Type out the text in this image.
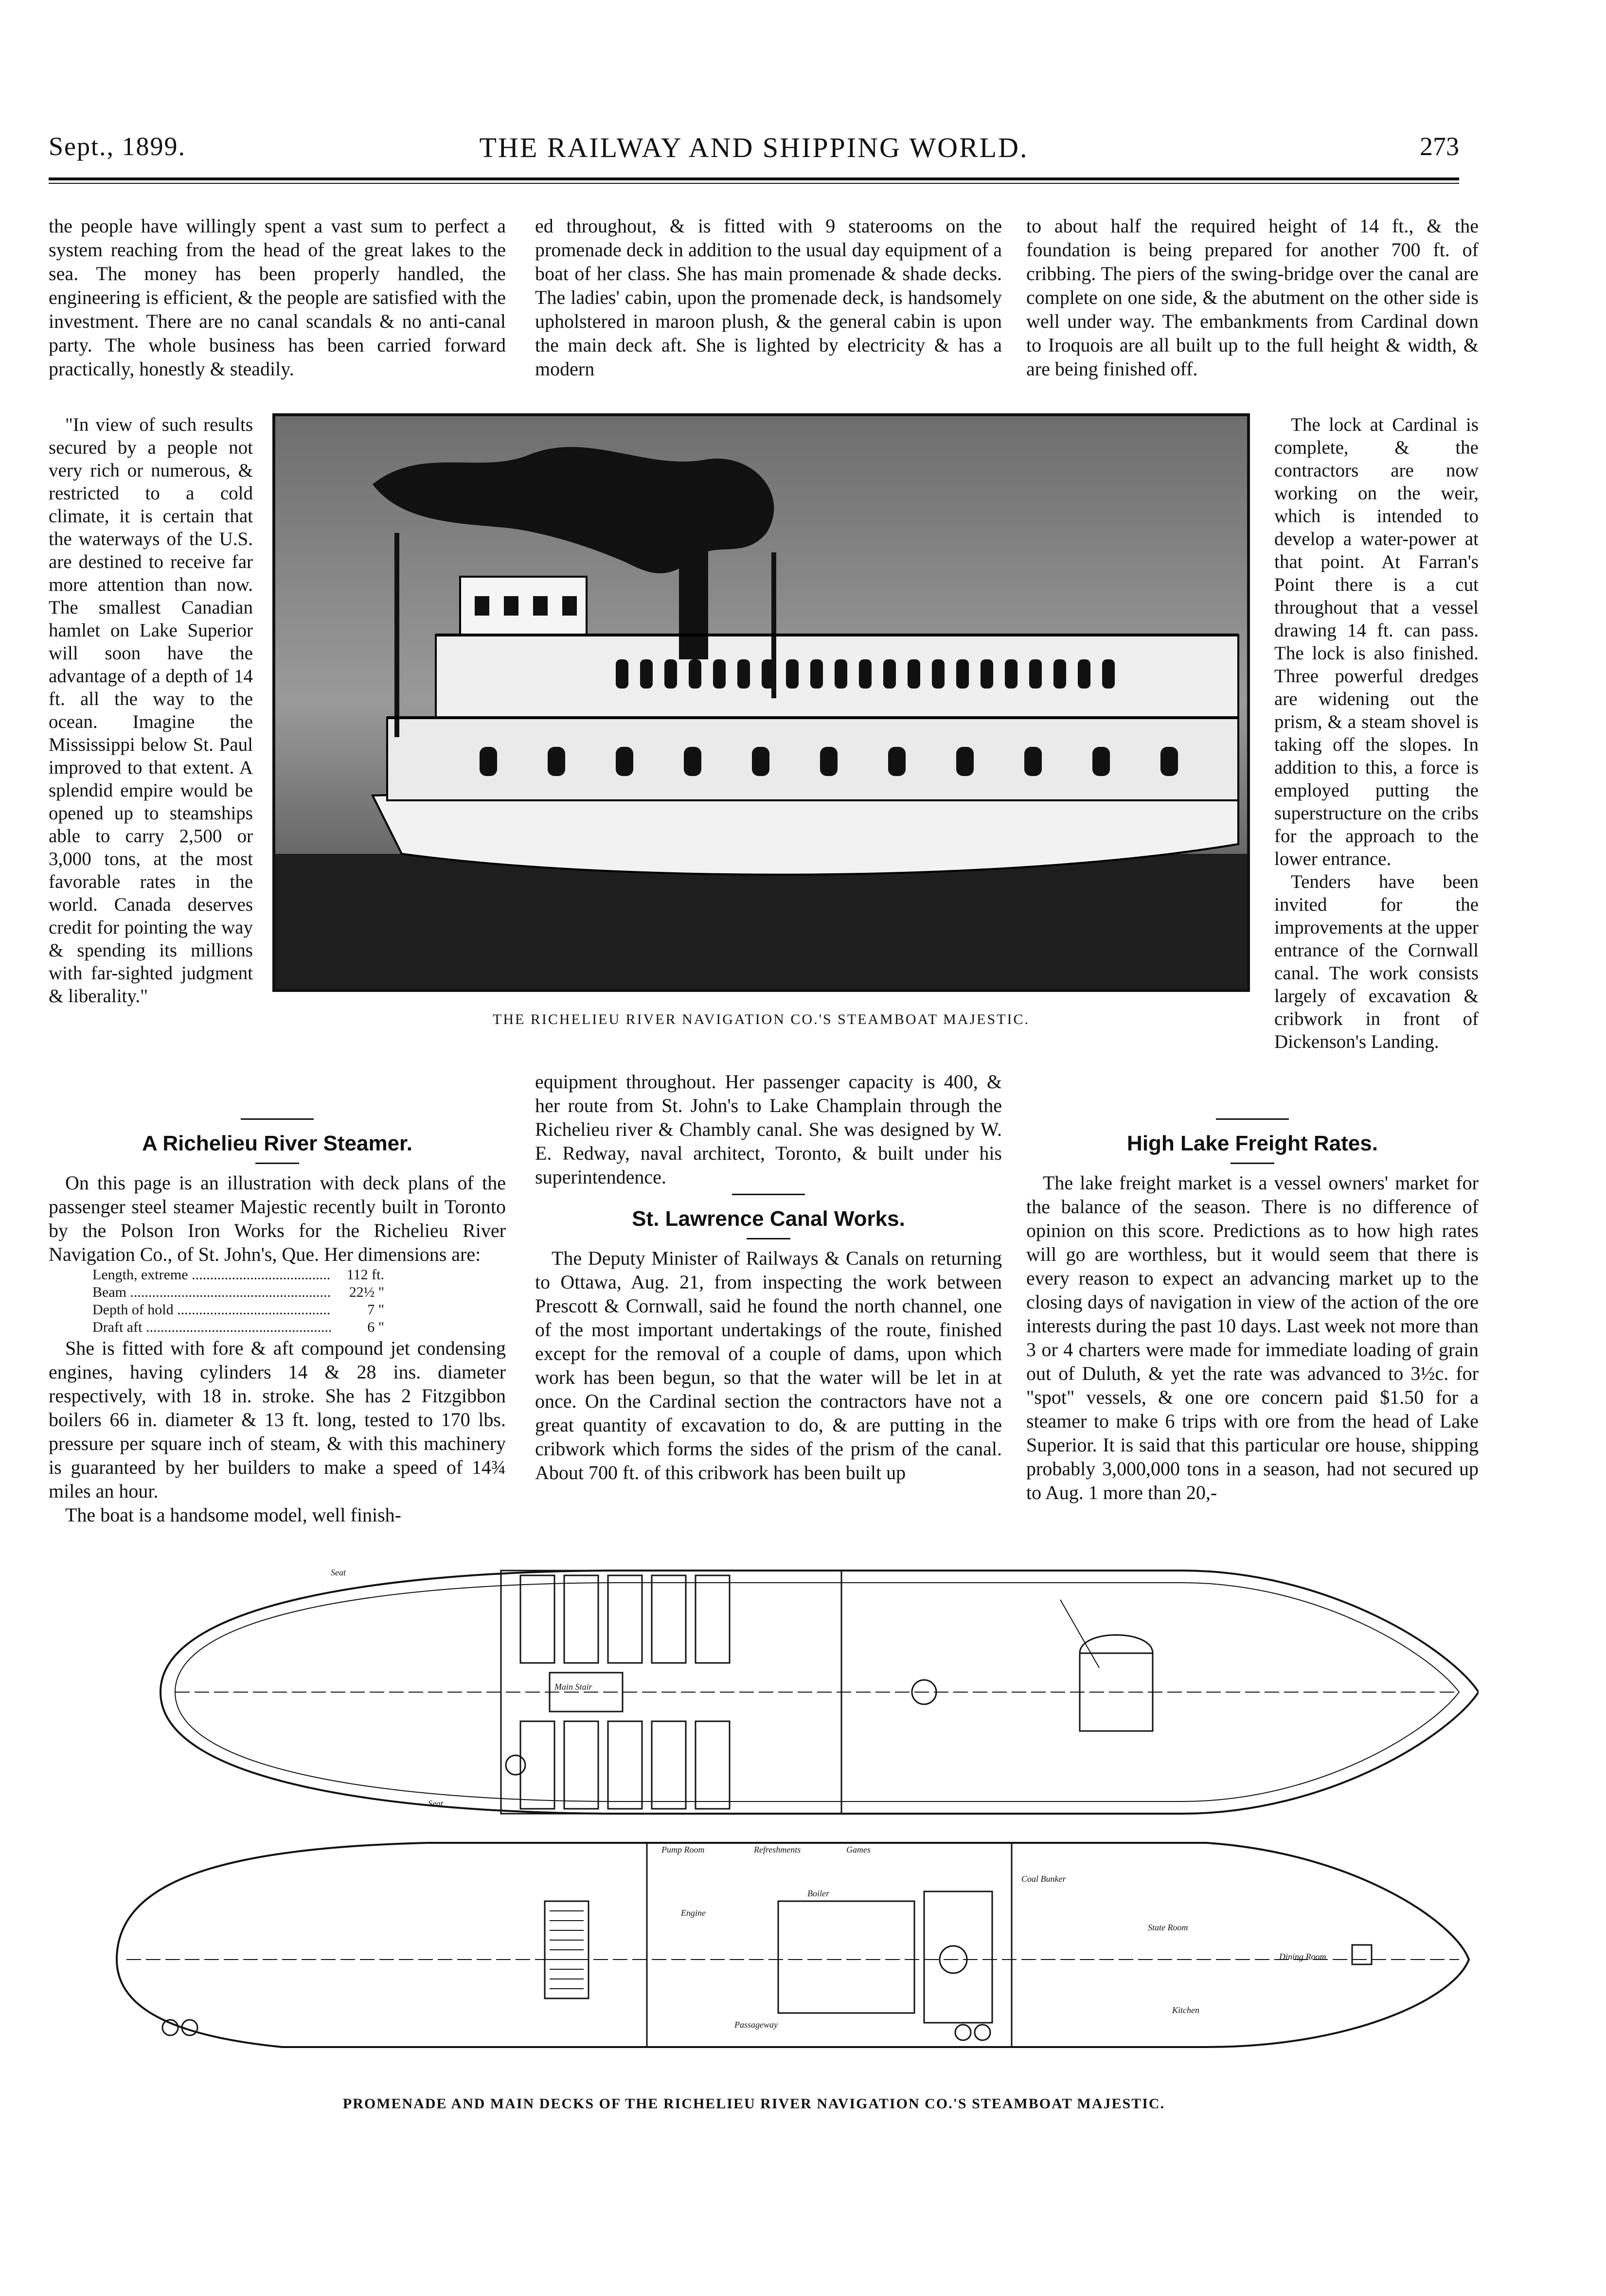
Sept., 1899.	THE RAILWAY AND SHIPPING WORLD.	273

the people have willingly spent a vast sum to perfect a system reaching from the head of the great lakes to the sea. The money has been properly handled, the engineering is efficient, & the people are satisfied with the investment. There are no canal scandals & no anti-canal party. The whole business has been carried forward practically, honestly & steadily.

"In view of such results secured by a people not very rich or numerous, & restricted to a cold climate, it is certain that the waterways of the U.S. are destined to receive far more attention than now. The smallest Canadian hamlet on Lake Superior will soon have the advantage of a depth of 14 ft. all the way to the ocean. Imagine the Mississippi below St. Paul improved to that extent. A splendid empire would be opened up to steamships able to carry 2,500 or 3,000 tons, at the most favorable rates in the world. Canada deserves credit for pointing the way & spending its millions with far-sighted judgment & liberality."

A Richelieu River Steamer.

On this page is an illustration with deck plans of the passenger steel steamer Majestic recently built in Toronto by the Polson Iron Works for the Richelieu River Navigation Co., of St. John's, Que. Her dimensions are:

Length, extreme .....	112 ft.
Beam .....	22½ "
Depth of hold .....	7 "
Draft aft .....	6 "

She is fitted with fore & aft compound jet condensing engines, having cylinders 14 & 28 ins. diameter respectively, with 18 in. stroke. She has 2 Fitzgibbon boilers 66 in. diameter & 13 ft. long, tested to 170 lbs. pressure per square inch of steam, & with this machinery is guaranteed by her builders to make a speed of 14¾ miles an hour.

The boat is a handsome model, well finish-

ed throughout, & is fitted with 9 staterooms on the promenade deck in addition to the usual day equipment of a boat of her class. She has main promenade & shade decks. The ladies' cabin, upon the promenade deck, is handsomely upholstered in maroon plush, & the general cabin is upon the main deck aft. She is lighted by electricity & has a modern

equipment throughout. Her passenger capacity is 400, & her route from St. John's to Lake Champlain through the Richelieu river & Chambly canal. She was designed by W. E. Redway, naval architect, Toronto, & built under his superintendence.

St. Lawrence Canal Works.

The Deputy Minister of Railways & Canals on returning to Ottawa, Aug. 21, from inspecting the work between Prescott & Cornwall, said he found the north channel, one of the most important undertakings of the route, finished except for the removal of a couple of dams, upon which work has been begun, so that the water will be let in at once. On the Cardinal section the contractors have not a great quantity of excavation to do, & are putting in the cribwork which forms the sides of the prism of the canal. About 700 ft. of this cribwork has been built up

to about half the required height of 14 ft., & the foundation is being prepared for another 700 ft. of cribbing. The piers of the swing-bridge over the canal are complete on one side, & the abutment on the other side is well under way. The embankments from Cardinal down to Iroquois are all built up to the full height & width, & are being finished off.

The lock at Cardinal is complete, & the contractors are now working on the weir, which is intended to develop a water-power at that point. At Farran's Point there is a cut throughout that a vessel drawing 14 ft. can pass. The lock is also finished. Three powerful dredges are widening out the prism, & a steam shovel is taking off the slopes. In addition to this, a force is employed putting the superstructure on the cribs for the approach to the lower entrance.

Tenders have been invited for the improvements at the upper entrance of the Cornwall canal. The work consists largely of excavation & cribwork in front of Dickenson's Landing.

High Lake Freight Rates.

The lake freight market is a vessel owners' market for the balance of the season. There is no difference of opinion on this score. Predictions as to how high rates will go are worthless, but it would seem that there is every reason to expect an advancing market up to the closing days of navigation in view of the action of the ore interests during the past 10 days. Last week not more than 3 or 4 charters were made for immediate loading of grain out of Duluth, & yet the rate was advanced to 3½c. for "spot" vessels, & one ore concern paid $1.50 for a steamer to make 6 trips with ore from the head of Lake Superior. It is said that this particular ore house, shipping probably 3,000,000 tons in a season, had not secured up to Aug. 1 more than 20,-

THE RICHELIEU RIVER NAVIGATION CO.'S STEAMBOAT MAJESTIC.
Seat
Main Stair
Seat
Engine
Boiler
Coal Bunker
Pump Room	Refreshments	Games
Passageway
State Room
Kitchen
Dining Room
PROMENADE AND MAIN DECKS OF THE RICHELIEU RIVER NAVIGATION CO.'S STEAMBOAT MAJESTIC.
